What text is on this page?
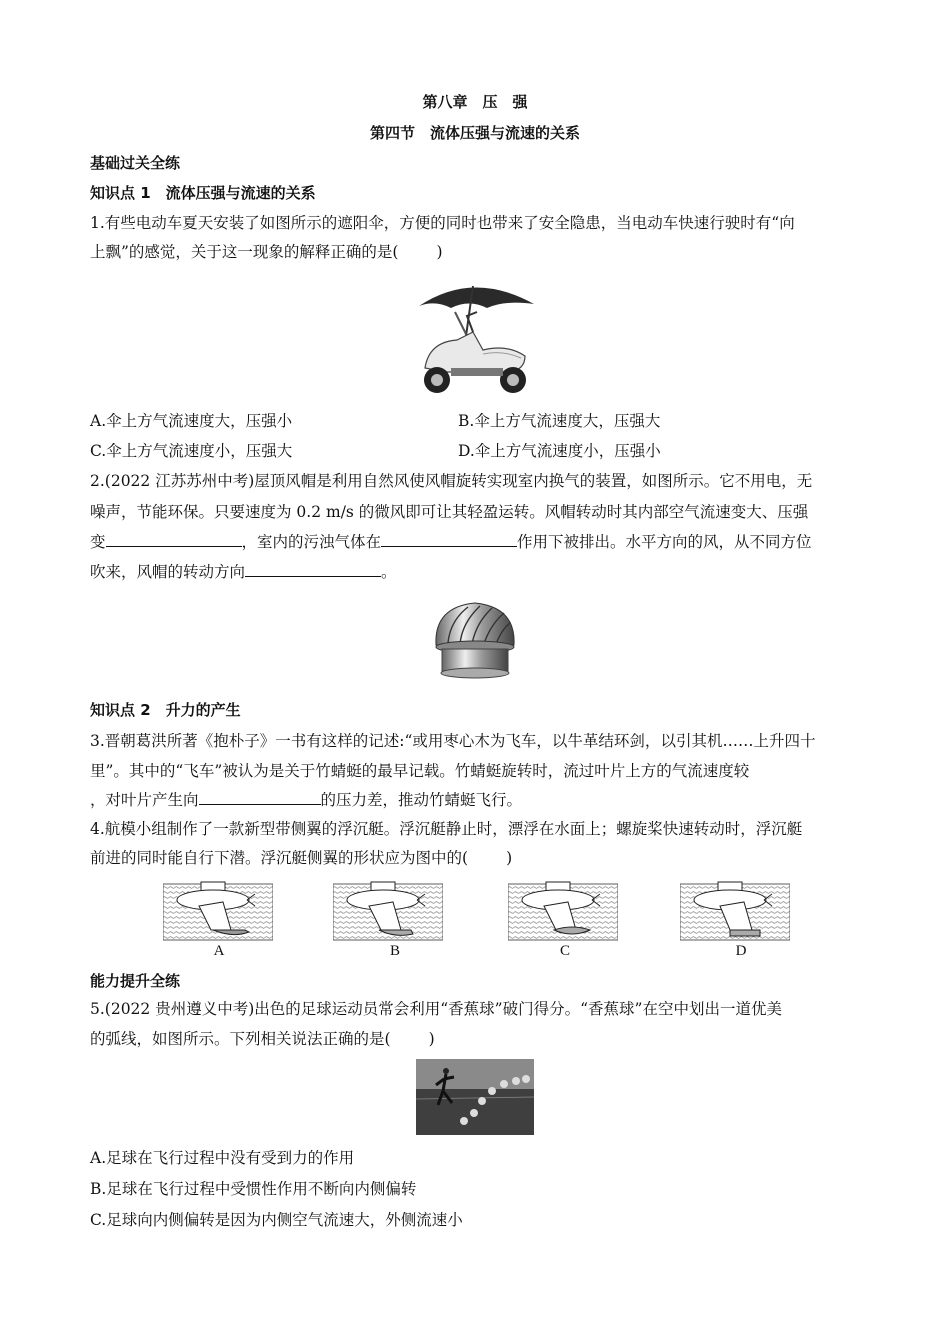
第八章　压　强
第四节　流体压强与流速的关系
基础过关全练
知识点 1　流体压强与流速的关系
1.有些电动车夏天安装了如图所示的遮阳伞，方便的同时也带来了安全隐患，当电动车快速行驶时有“向
上飘”的感觉，关于这一现象的解释正确的是( )
A.伞上方气流速度大，压强小	B.伞上方气流速度大，压强大
C.伞上方气流速度小，压强大	D.伞上方气流速度小，压强小
2.(2022 江苏苏州中考)屋顶风帽是利用自然风使风帽旋转实现室内换气的装置，如图所示。它不用电，无
噪声，节能环保。只要速度为 0.2 m/s 的微风即可让其轻盈运转。风帽转动时其内部空气流速变大、压强
变	，室内的污浊气体在	作用下被排出。水平方向的风，从不同方位
吹来，风帽的转动方向	。
知识点 2　升力的产生
3.晋朝葛洪所著《抱朴子》一书有这样的记述:“或用枣心木为飞车，以牛革结环剑，以引其机……上升四十
里”。其中的“飞车”被认为是关于竹蜻蜓的最早记载。竹蜻蜓旋转时，流过叶片上方的气流速度较
，对叶片产生向	的压力差，推动竹蜻蜓飞行。
4.航模小组制作了一款新型带侧翼的浮沉艇。浮沉艇静止时，漂浮在水面上；螺旋桨快速转动时，浮沉艇
前进的同时能自行下潜。浮沉艇侧翼的形状应为图中的( )
A	B	C	D
能力提升全练
5.(2022 贵州遵义中考)出色的足球运动员常会利用“香蕉球”破门得分。“香蕉球”在空中划出一道优美
的弧线，如图所示。下列相关说法正确的是( )
A.足球在飞行过程中没有受到力的作用
B.足球在飞行过程中受惯性作用不断向内侧偏转
C.足球向内侧偏转是因为内侧空气流速大，外侧流速小
